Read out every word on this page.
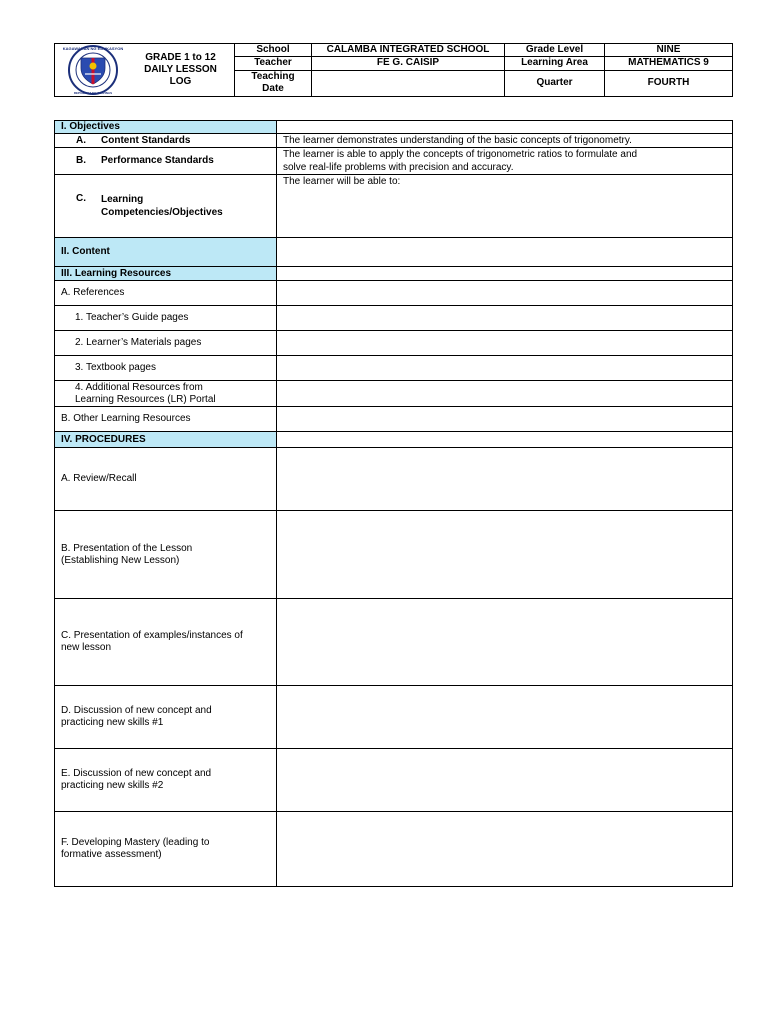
KAGAWARAN NG EDUKASYON
REPUBLIKA NG PILIPINAS
GRADE 1 to 12
DAILY LESSON
LOG	School	CALAMBA INTEGRATED SCHOOL	Grade Level	NINE
	Teacher	FE G. CAISIP	Learning Area	MATHEMATICS 9

	Teaching
Date		Quarter	FOURTH
I. Objectives	

A. Content Standards	The learner demonstrates understanding of the basic concepts of trigonometry.

B. Performance Standards	The learner is able to apply the concepts of trigonometric ratios to formulate and
solve real-life problems with precision and accuracy.

C. Learning
Competencies/Objectives	The learner will be able to:
II. Content	
III. Learning Resources	
A. References	
1. Teacher’s Guide pages	
2. Learner’s Materials pages	
3. Textbook pages	

4. Additional Resources from
Learning Resources (LR) Portal	

B. Other Learning Resources	
IV. PROCEDURES	
A. Review/Recall	

B. Presentation of the Lesson
(Establishing New Lesson)	

C. Presentation of examples/instances of
new lesson	

D. Discussion of new concept and
practicing new skills #1	

E. Discussion of new concept and
practicing new skills #2	

F. Developing Mastery (leading to
formative assessment)	
